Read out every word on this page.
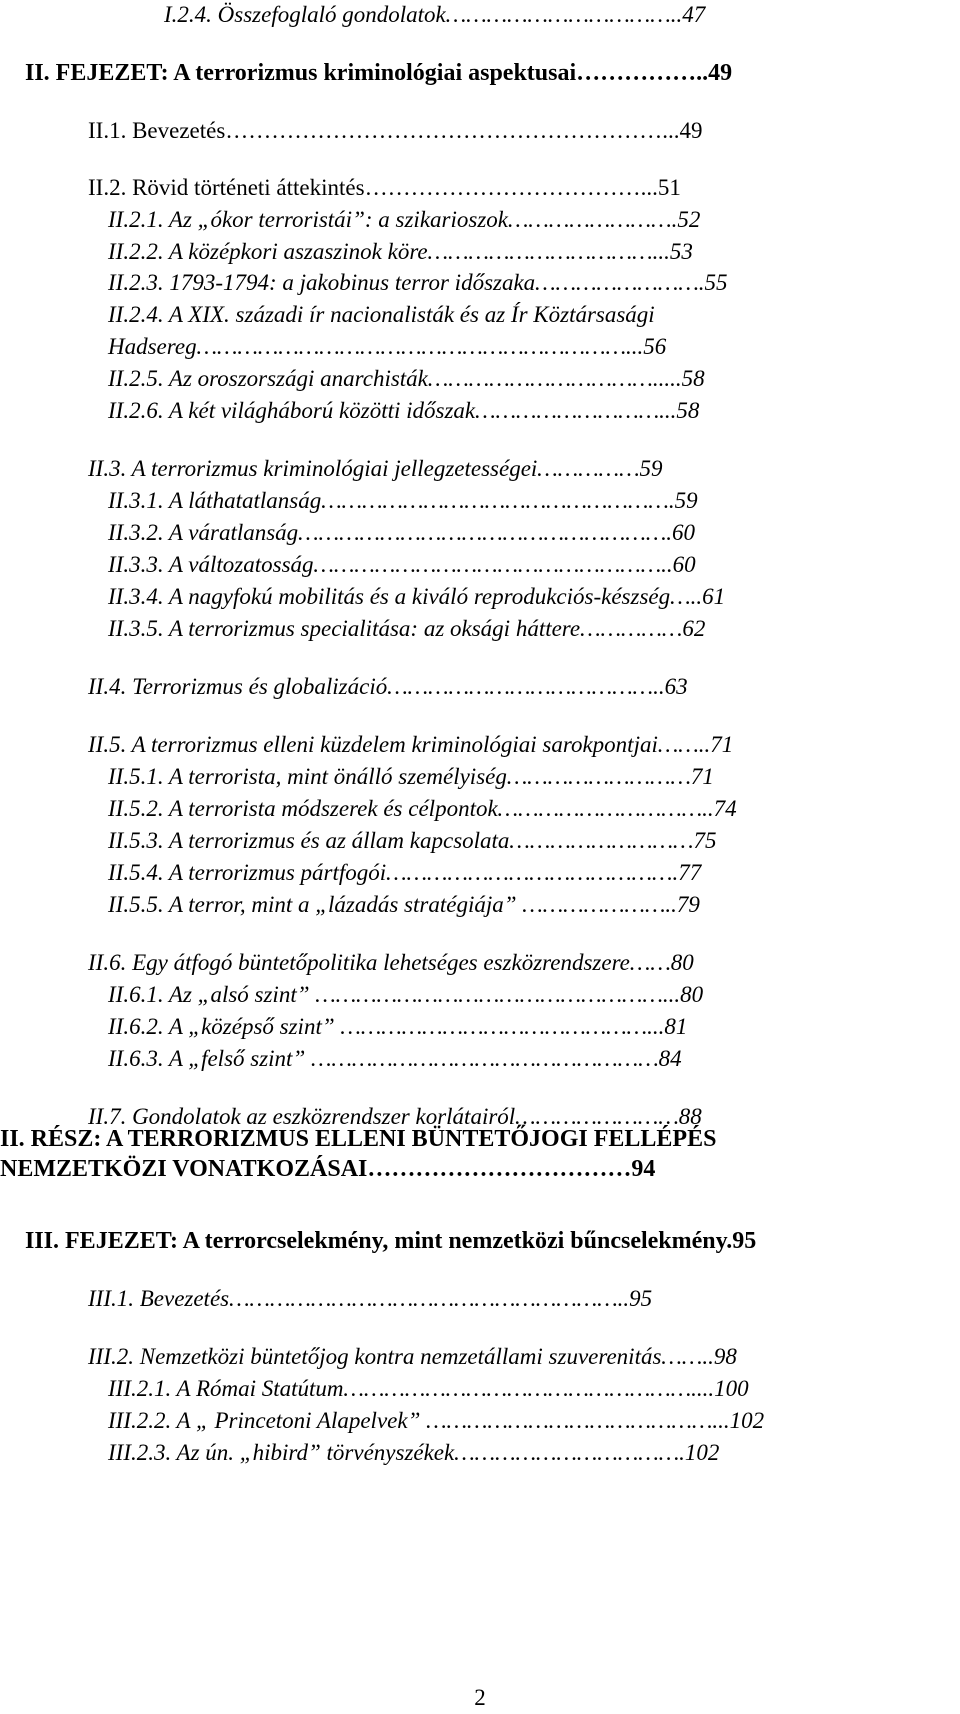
I.2.4. Összefoglaló gondolatok……………………………..47
II. FEJEZET: A terrorizmus kriminológiai aspektusai……………..49
II.1. Bevezetés…………………………………………………...49
II.2. Rövid történeti áttekintés………………………………...51
II.2.1. Az „ókor terroristái”: a szikarioszok…………………….52
II.2.2. A középkori aszaszinok köre……………………………...53
II.2.3. 1793-1794: a jakobinus terror időszaka…………………….55
II.2.4. A XIX. századi ír nacionalisták és az Ír Köztársasági
Hadsereg………………………………………………………...56
II.2.5. Az oroszországi anarchisták…………………………….....58
II.2.6. A két világháború közötti időszak………………………...58
II.3. A terrorizmus kriminológiai jellegzetességei……………59
II.3.1. A láthatatlanság…………………………………………….59
II.3.2. A váratlanság……………………………………………….60
II.3.3. A változatosság……………………………………………..60
II.3.4. A nagyfokú mobilitás és a kiváló reprodukciós-készség…..61
II.3.5. A terrorizmus specialitása: az oksági háttere……………62
II.4. Terrorizmus és globalizáció…………………………………..63
II.5. A terrorizmus elleni küzdelem kriminológiai sarokpontjai……..71
II.5.1. A terrorista, mint önálló személyiség………………………71
II.5.2. A terrorista módszerek és célpontok…………………………..74
II.5.3. A terrorizmus és az állam kapcsolata………………………75
II.5.4. A terrorizmus pártfogói…………………………………….77
II.5.5. A terror, mint a „lázadás stratégiája” …………………..79
II.6. Egy átfogó büntetőpolitika lehetséges eszközrendszere……80
II.6.1. Az „alsó szint” ……………………………………………...80
II.6.2. A „középső szint” ………………………………………...81
II.6.3. A „felső szint” ……………………………………………84
II.7. Gondolatok az eszközrendszer korlátairól……………………88
III. FEJEZET: A terrorcselekmény, mint nemzetközi bűncselekmény.95
III.1. Bevezetés…………………………………………………..95
III.2. Nemzetközi büntetőjog kontra nemzetállami szuverenitás……..98
III.2.1. A Római Statútum……………………………………………....100
III.2.2. A „ Princetoni Alapelvek” ……………………………………...102
III.2.3. Az ún. „hibird” törvényszékek…………………………….102
II. RÉSZ: A TERRORIZMUS ELLENI BÜNTETŐJOGI FELLÉPÉS
NEMZETKÖZI VONATKOZÁSAI……………………………94
2
